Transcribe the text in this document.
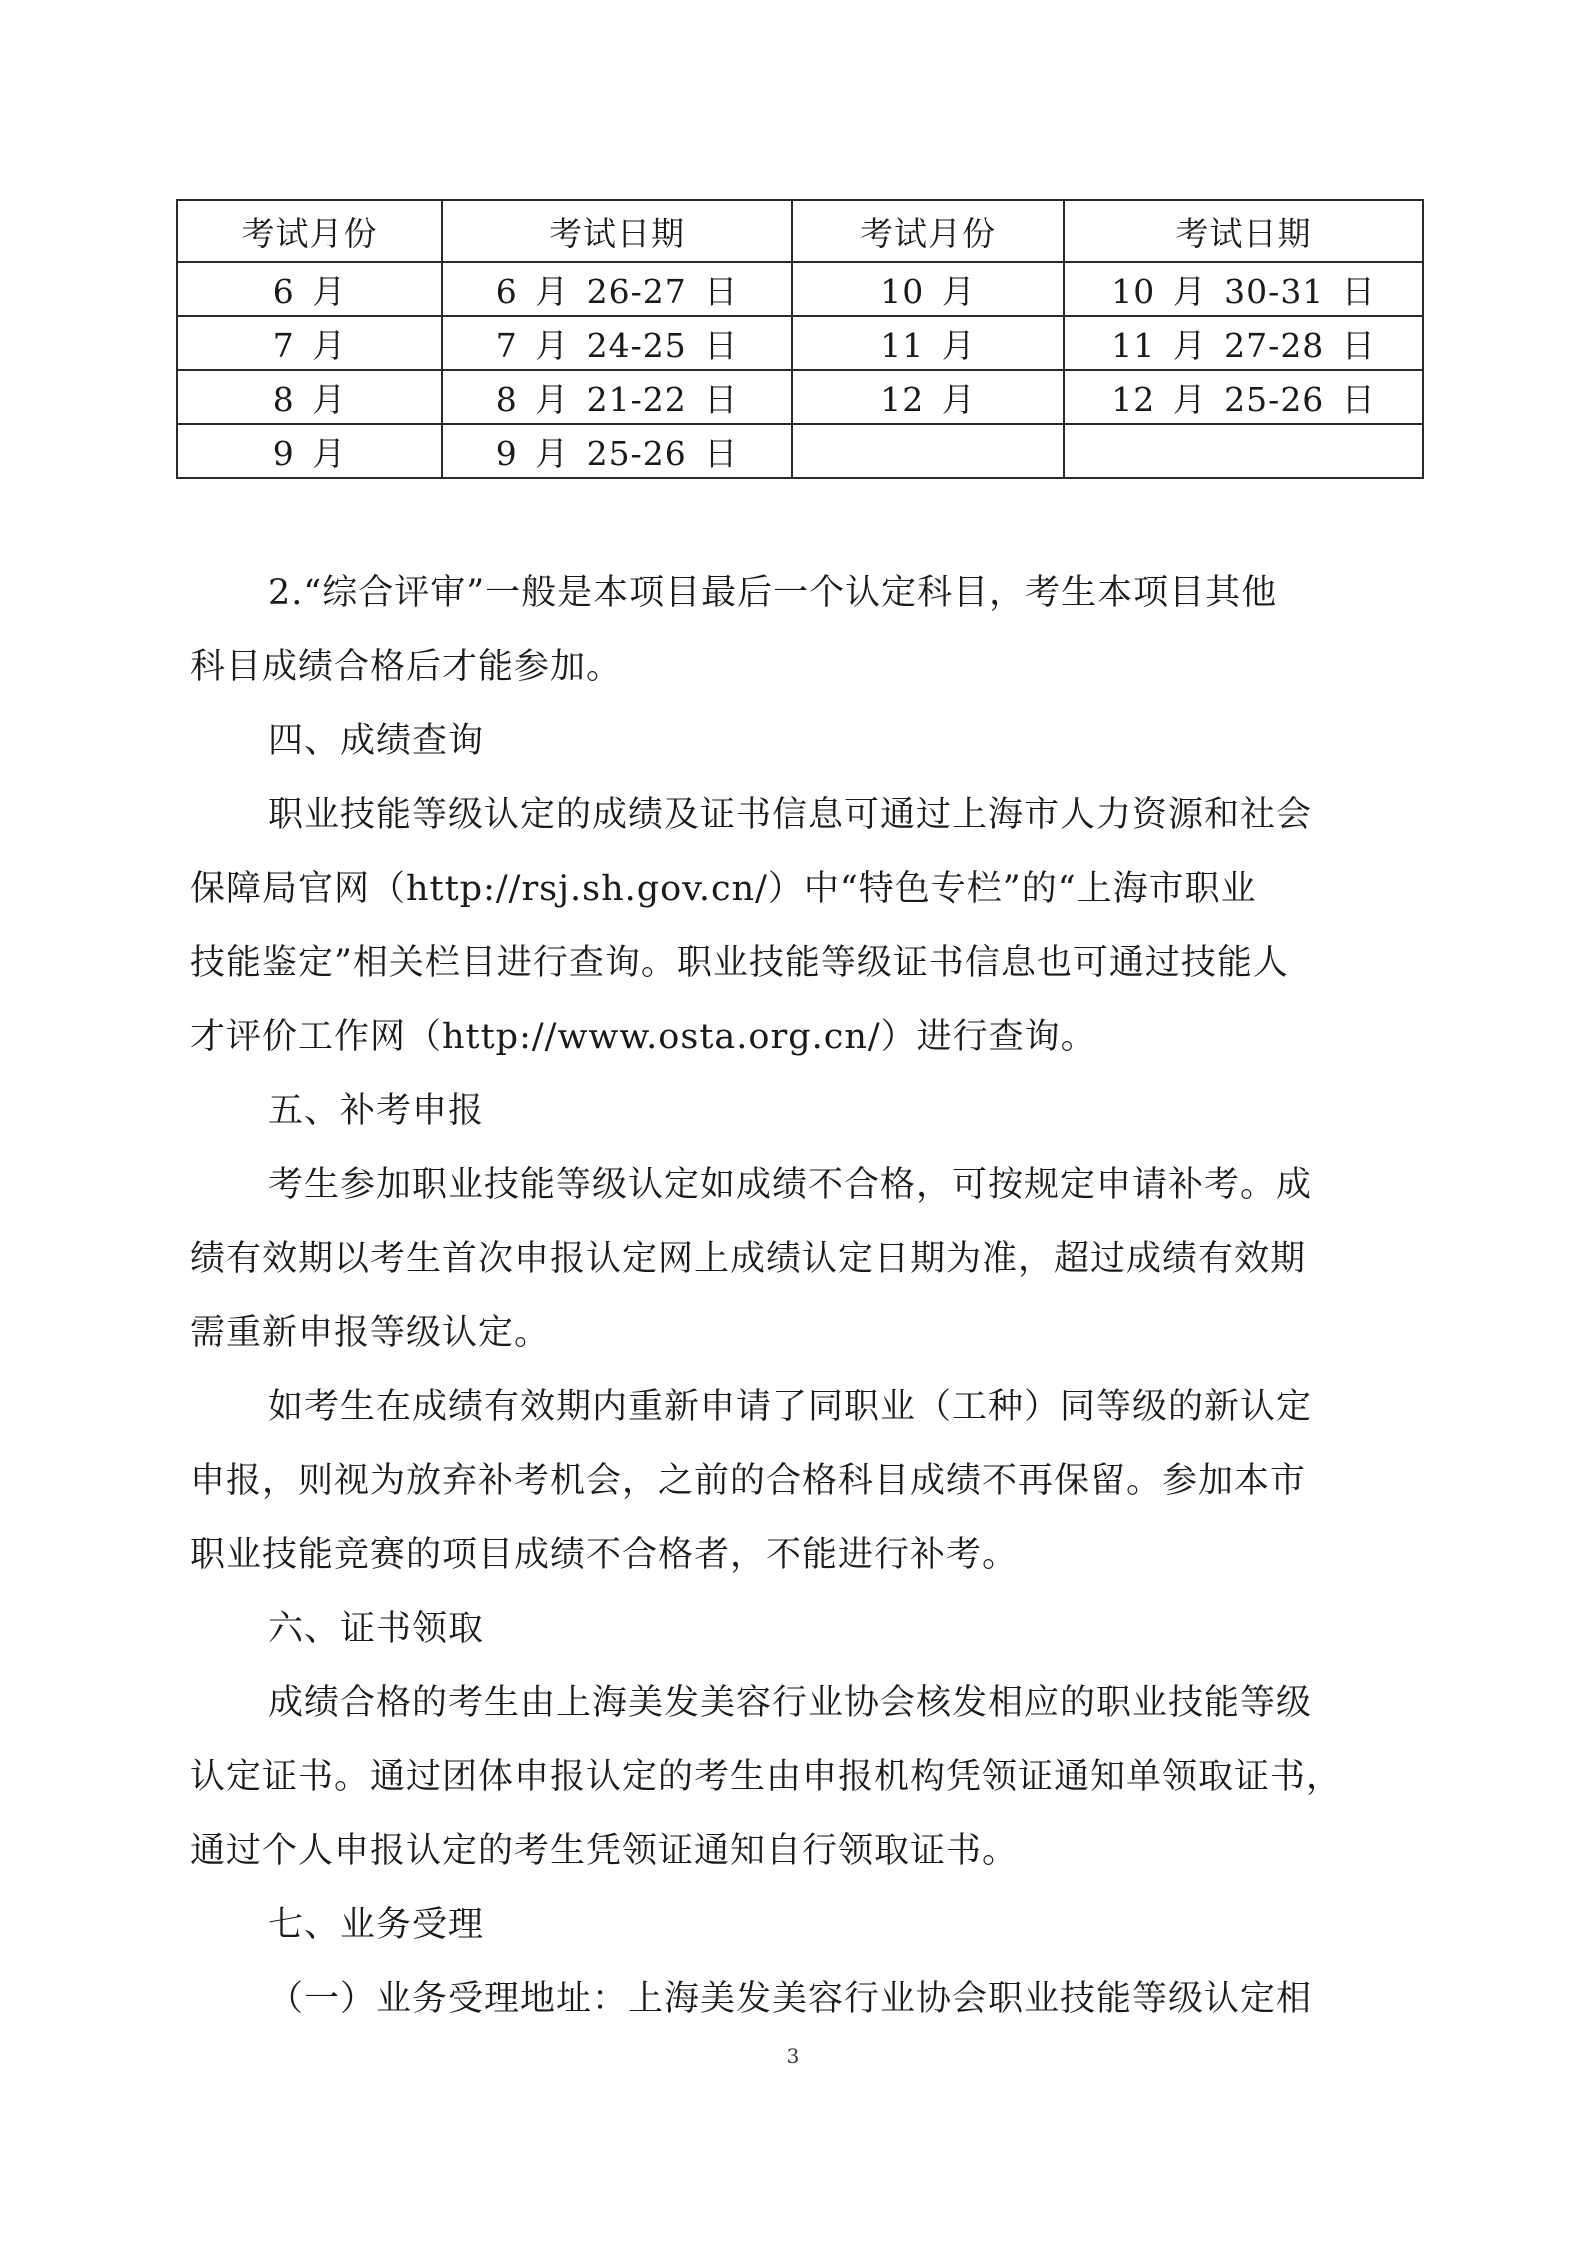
考试月份	考试日期	考试月份	考试日期
6 月	6 月 26-27 日	10 月	10 月 30-31 日
7 月	7 月 24-25 日	11 月	11 月 27-28 日
8 月	8 月 21-22 日	12 月	12 月 25-26 日
9 月	9 月 25-26 日		
2.“综合评审”一般是本项目最后一个认定科目，考生本项目其他
科目成绩合格后才能参加。
四、成绩查询
职业技能等级认定的成绩及证书信息可通过上海市人力资源和社会
保障局官网（http://rsj.sh.gov.cn/）中“特色专栏”的“上海市职业
技能鉴定”相关栏目进行查询。职业技能等级证书信息也可通过技能人
才评价工作网（http://www.osta.org.cn/）进行查询。
五、补考申报
考生参加职业技能等级认定如成绩不合格，可按规定申请补考。成
绩有效期以考生首次申报认定网上成绩认定日期为准，超过成绩有效期
需重新申报等级认定。
如考生在成绩有效期内重新申请了同职业（工种）同等级的新认定
申报，则视为放弃补考机会，之前的合格科目成绩不再保留。参加本市
职业技能竞赛的项目成绩不合格者，不能进行补考。
六、证书领取
成绩合格的考生由上海美发美容行业协会核发相应的职业技能等级
认定证书。通过团体申报认定的考生由申报机构凭领证通知单领取证书，
通过个人申报认定的考生凭领证通知自行领取证书。
七、业务受理
（一）业务受理地址：上海美发美容行业协会职业技能等级认定相
3
